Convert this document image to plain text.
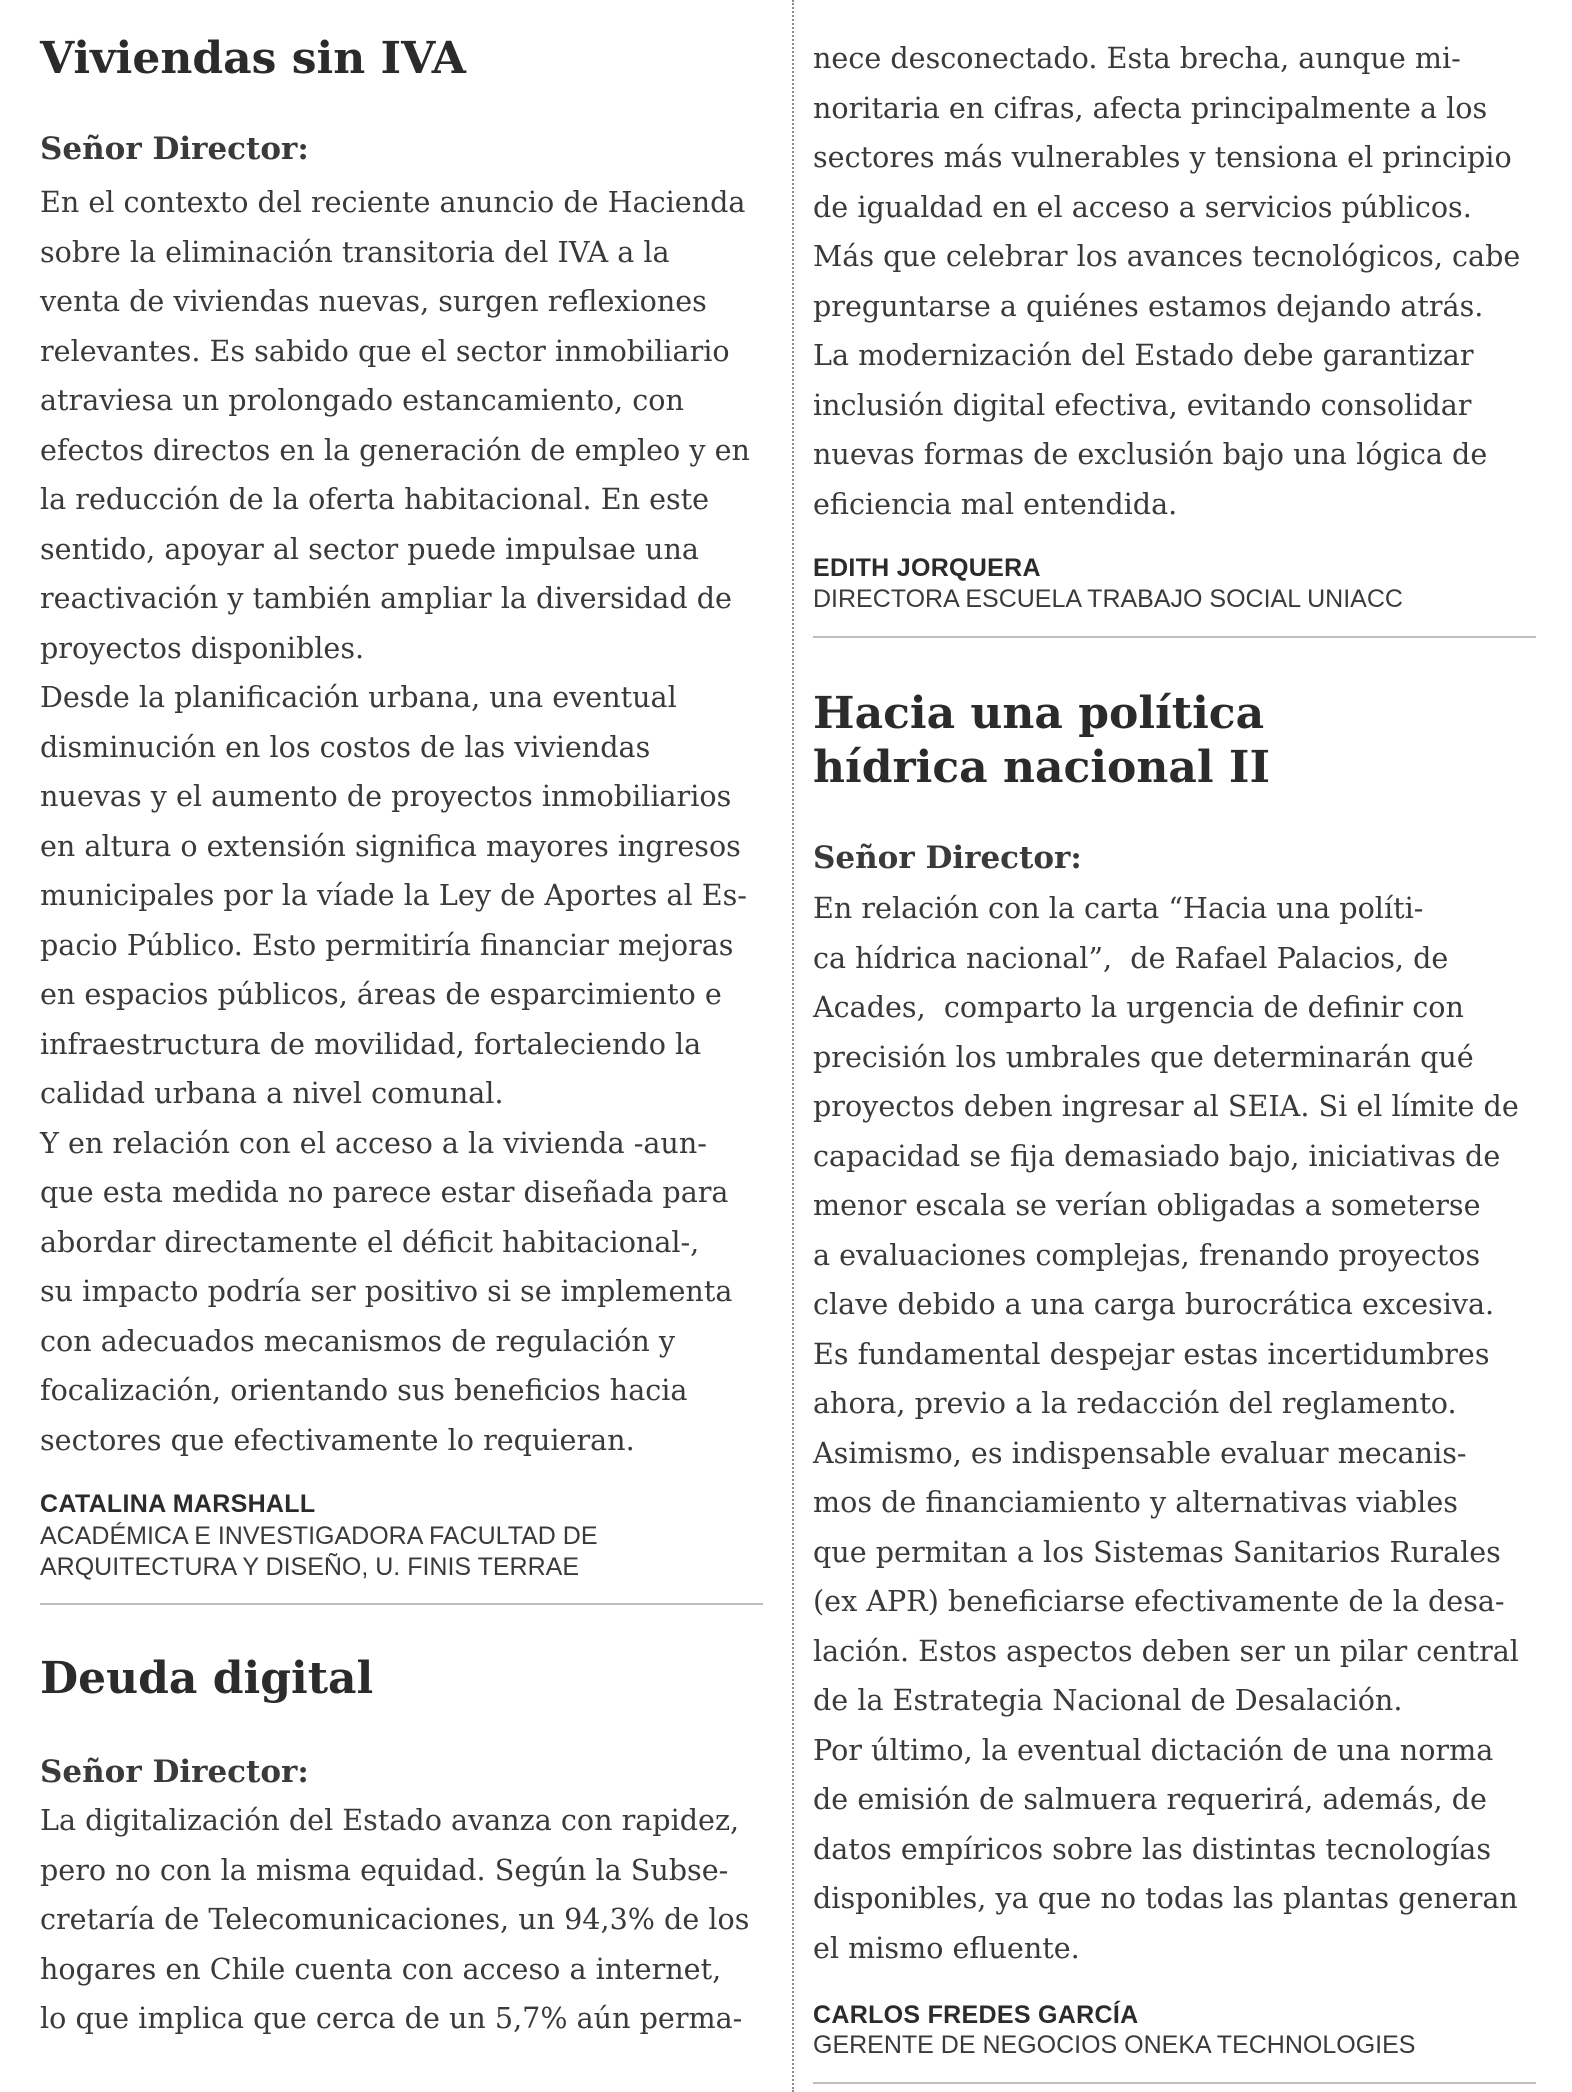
Viviendas sin IVA

Señor Director:

En el contexto del reciente anuncio de Hacienda
sobre la eliminación transitoria del IVA a la
venta de viviendas nuevas, surgen reflexiones
relevantes. Es sabido que el sector inmobiliario
atraviesa un prolongado estancamiento, con
efectos directos en la generación de empleo y en
la reducción de la oferta habitacional. En este
sentido, apoyar al sector puede impulsae una
reactivación y también ampliar la diversidad de
proyectos disponibles.
Desde la planificación urbana, una eventual
disminución en los costos de las viviendas
nuevas y el aumento de proyectos inmobiliarios
en altura o extensión significa mayores ingresos
municipales por la víade la Ley de Aportes al Es-
pacio Público. Esto permitiría financiar mejoras
en espacios públicos, áreas de esparcimiento e
infraestructura de movilidad, fortaleciendo la
calidad urbana a nivel comunal.
Y en relación con el acceso a la vivienda -aun-
que esta medida no parece estar diseñada para
abordar directamente el déficit habitacional-,
su impacto podría ser positivo si se implementa
con adecuados mecanismos de regulación y
focalización, orientando sus beneficios hacia
sectores que efectivamente lo requieran.

CATALINA MARSHALL

ACADÉMICA E INVESTIGADORA FACULTAD DE
ARQUITECTURA Y DISEÑO, U. FINIS TERRAE

Deuda digital

Señor Director:

La digitalización del Estado avanza con rapidez,
pero no con la misma equidad. Según la Subse-
cretaría de Telecomunicaciones, un 94,3% de los
hogares en Chile cuenta con acceso a internet,
lo que implica que cerca de un 5,7% aún perma-

nece desconectado. Esta brecha, aunque mi-
noritaria en cifras, afecta principalmente a los
sectores más vulnerables y tensiona el principio
de igualdad en el acceso a servicios públicos.
Más que celebrar los avances tecnológicos, cabe
preguntarse a quiénes estamos dejando atrás.
La modernización del Estado debe garantizar
inclusión digital efectiva, evitando consolidar
nuevas formas de exclusión bajo una lógica de
eficiencia mal entendida.

EDITH JORQUERA

DIRECTORA ESCUELA TRABAJO SOCIAL UNIACC

Hacia una política
hídrica nacional II

Señor Director:

En relación con la carta “Hacia una políti-
ca hídrica nacional”,  de Rafael Palacios, de
Acades,  comparto la urgencia de definir con
precisión los umbrales que determinarán qué
proyectos deben ingresar al SEIA. Si el límite de
capacidad se fija demasiado bajo, iniciativas de
menor escala se verían obligadas a someterse
a evaluaciones complejas, frenando proyectos
clave debido a una carga burocrática excesiva.
Es fundamental despejar estas incertidumbres
ahora, previo a la redacción del reglamento.
Asimismo, es indispensable evaluar mecanis-
mos de financiamiento y alternativas viables
que permitan a los Sistemas Sanitarios Rurales
(ex APR) beneficiarse efectivamente de la desa-
lación. Estos aspectos deben ser un pilar central
de la Estrategia Nacional de Desalación.
Por último, la eventual dictación de una norma
de emisión de salmuera requerirá, además, de
datos empíricos sobre las distintas tecnologías
disponibles, ya que no todas las plantas generan
el mismo efluente.

CARLOS FREDES GARCÍA

GERENTE DE NEGOCIOS ONEKA TECHNOLOGIES
